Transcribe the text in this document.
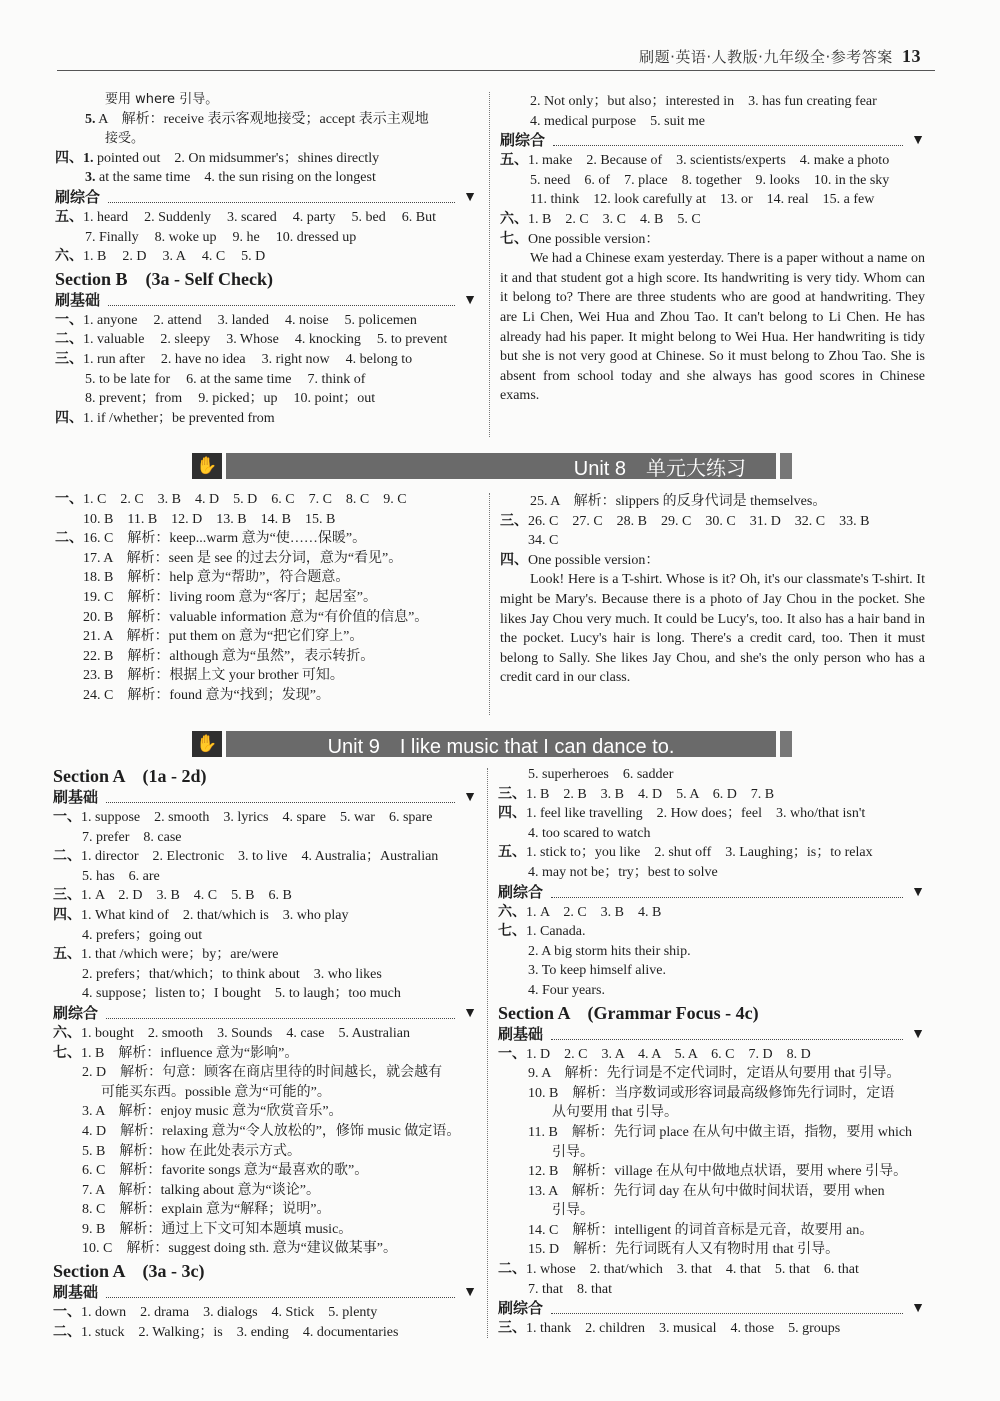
刷题·英语·人教版·九年级全·参考答案 13
要用 where 引导。
5. A　解析：receive 表示客观地接受；accept 表示主观地
接受。
四、1. pointed out　2. On midsummer's；shines directly
3. at the same time　4. the sun rising on the longest
刷综合	▼
五、1. heard 2. Suddenly 3. scared 4. party 5. bed 6. But
7. Finally 8. woke up 9. he 10. dressed up
六、1. B 2. D 3. A 4. C 5. D
Section B　(3a - Self Check)
刷基础	▼
一、1. anyone 2. attend 3. landed 4. noise 5. policemen
二、1. valuable 2. sleepy 3. Whose 4. knocking 5. to prevent
三、1. run after 2. have no idea 3. right now 4. belong to
5. to be late for 6. at the same time 7. think of
8. prevent；from 9. picked；up 10. point；out
四、1. if /whether；be prevented from
2. Not only；but also；interested in　3. has fun creating fear
4. medical purpose　5. suit me
刷综合	▼
五、1. make　2. Because of　3. scientists/experts　4. make a photo
5. need　6. of　7. place　8. together　9. looks　10. in the sky
11. think　12. look carefully at　13. or　14. real　15. a few
六、1. B　2. C　3. C　4. B　5. C
七、One possible version：
We had a Chinese exam yesterday. There is a paper without a name on it and that student got a high score. Its handwriting is very tidy. Whom can it belong to? There are three students who are good at handwriting. They are Li Chen, Wei Hua and Zhou Tao. It can't belong to Li Chen. He has already had his paper. It might belong to Wei Hua. Her handwriting is tidy but she is not very good at Chinese. So it must belong to Zhou Tao. She is absent from school today and she always has good scores in Chinese exams.
✋	Unit 8　单元大练习
一、1. C　2. C　3. B　4. D　5. D　6. C　7. C　8. C　9. C
10. B　11. B　12. D　13. B　14. B　15. B
二、16. C　解析：keep...warm 意为“使……保暖”。
17. A　解析：seen 是 see 的过去分词，意为“看见”。
18. B　解析：help 意为“帮助”，符合题意。
19. C　解析：living room 意为“客厅；起居室”。
20. B　解析：valuable information 意为“有价值的信息”。
21. A　解析：put them on 意为“把它们穿上”。
22. B　解析：although 意为“虽然”，表示转折。
23. B　解析：根据上文 your brother 可知。
24. C　解析：found 意为“找到；发现”。
25. A　解析：slippers 的反身代词是 themselves。
三、26. C　27. C　28. B　29. C　30. C　31. D　32. C　33. B
34. C
四、One possible version：
Look! Here is a T-shirt. Whose is it? Oh, it's our classmate's T-shirt. It might be Mary's. Because there is a photo of Jay Chou in the pocket. She likes Jay Chou very much. It could be Lucy's, too. It also has a hair band in the pocket. Lucy's hair is long. There's a credit card, too. Then it must belong to Sally. She likes Jay Chou, and she's the only person who has a credit card in our class.
✋	Unit 9　I like music that I can dance to.
Section A　(1a - 2d)
刷基础	▼
一、1. suppose　2. smooth　3. lyrics　4. spare　5. war　6. spare
7. prefer　8. case
二、1. director　2. Electronic　3. to live　4. Australia；Australian
5. has　6. are
三、1. A　2. D　3. B　4. C　5. B　6. B
四、1. What kind of　2. that/which is　3. who play
4. prefers；going out
五、1. that /which were；by；are/were
2. prefers；that/which；to think about　3. who likes
4. suppose；listen to；I bought　5. to laugh；too much
刷综合	▼
六、1. bought　2. smooth　3. Sounds　4. case　5. Australian
七、1. B　解析：influence 意为“影响”。
2. D　解析：句意：顾客在商店里待的时间越长，就会越有
可能买东西。possible 意为“可能的”。
3. A　解析：enjoy music 意为“欣赏音乐”。
4. D　解析：relaxing 意为“令人放松的”，修饰 music 做定语。
5. B　解析：how 在此处表示方式。
6. C　解析：favorite songs 意为“最喜欢的歌”。
7. A　解析：talking about 意为“谈论”。
8. C　解析：explain 意为“解释；说明”。
9. B　解析：通过上下文可知本题填 music。
10. C　解析：suggest doing sth. 意为“建议做某事”。
Section A　(3a - 3c)
刷基础	▼
一、1. down　2. drama　3. dialogs　4. Stick　5. plenty
二、1. stuck　2. Walking；is　3. ending　4. documentaries
5. superheroes　6. sadder
三、1. B　2. B　3. B　4. D　5. A　6. D　7. B
四、1. feel like travelling　2. How does；feel　3. who/that isn't
4. too scared to watch
五、1. stick to；you like　2. shut off　3. Laughing；is；to relax
4. may not be；try；best to solve
刷综合	▼
六、1. A　2. C　3. B　4. B
七、1. Canada.
2. A big storm hits their ship.
3. To keep himself alive.
4. Four years.
Section A　(Grammar Focus - 4c)
刷基础	▼
一、1. D　2. C　3. A　4. A　5. A　6. C　7. D　8. D
9. A　解析：先行词是不定代词时，定语从句要用 that 引导。
10. B　解析：当序数词或形容词最高级修饰先行词时，定语
从句要用 that 引导。
11. B　解析：先行词 place 在从句中做主语，指物，要用 which
引导。
12. B　解析：village 在从句中做地点状语，要用 where 引导。
13. A　解析：先行词 day 在从句中做时间状语，要用 when
引导。
14. C　解析：intelligent 的词首音标是元音，故要用 an。
15. D　解析：先行词既有人又有物时用 that 引导。
二、1. whose　2. that/which　3. that　4. that　5. that　6. that
7. that　8. that
刷综合	▼
三、1. thank　2. children　3. musical　4. those　5. groups
